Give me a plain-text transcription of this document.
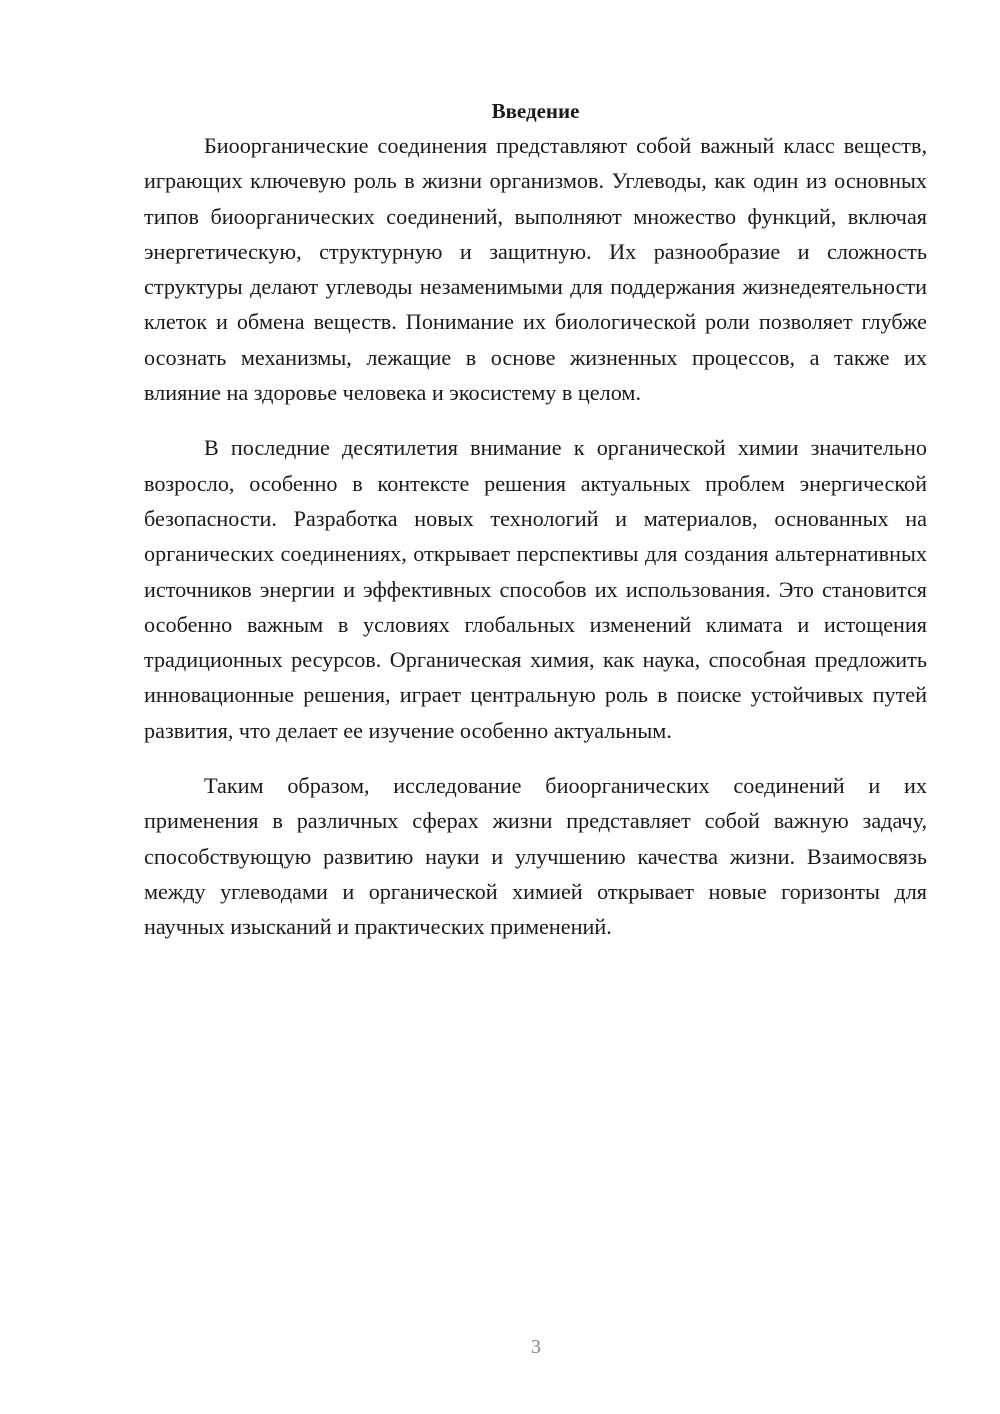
Введение

Биоорганические соединения представляют собой важный класс веществ, играющих ключевую роль в жизни организмов. Углеводы, как один из основных типов биоорганических соединений, выполняют множество функций, включая энергетическую, структурную и защитную. Их разнообразие и сложность структуры делают углеводы незаменимыми для поддержания жизнедеятельности клеток и обмена веществ. Понимание их биологической роли позволяет глубже осознать механизмы, лежащие в основе жизненных процессов, а также их влияние на здоровье человека и экосистему в целом.

В последние десятилетия внимание к органической химии значительно возросло, особенно в контексте решения актуальных проблем энергической безопасности. Разработка новых технологий и материалов, основанных на органических соединениях, открывает перспективы для создания альтернативных источников энергии и эффективных способов их использования. Это становится особенно важным в условиях глобальных изменений климата и истощения традиционных ресурсов. Органическая химия, как наука, способная предложить инновационные решения, играет центральную роль в поиске устойчивых путей развития, что делает ее изучение особенно актуальным.

Таким образом, исследование биоорганических соединений и их применения в различных сферах жизни представляет собой важную задачу, способствующую развитию науки и улучшению качества жизни. Взаимосвязь между углеводами и органической химией открывает новые горизонты для научных изысканий и практических применений.

3
